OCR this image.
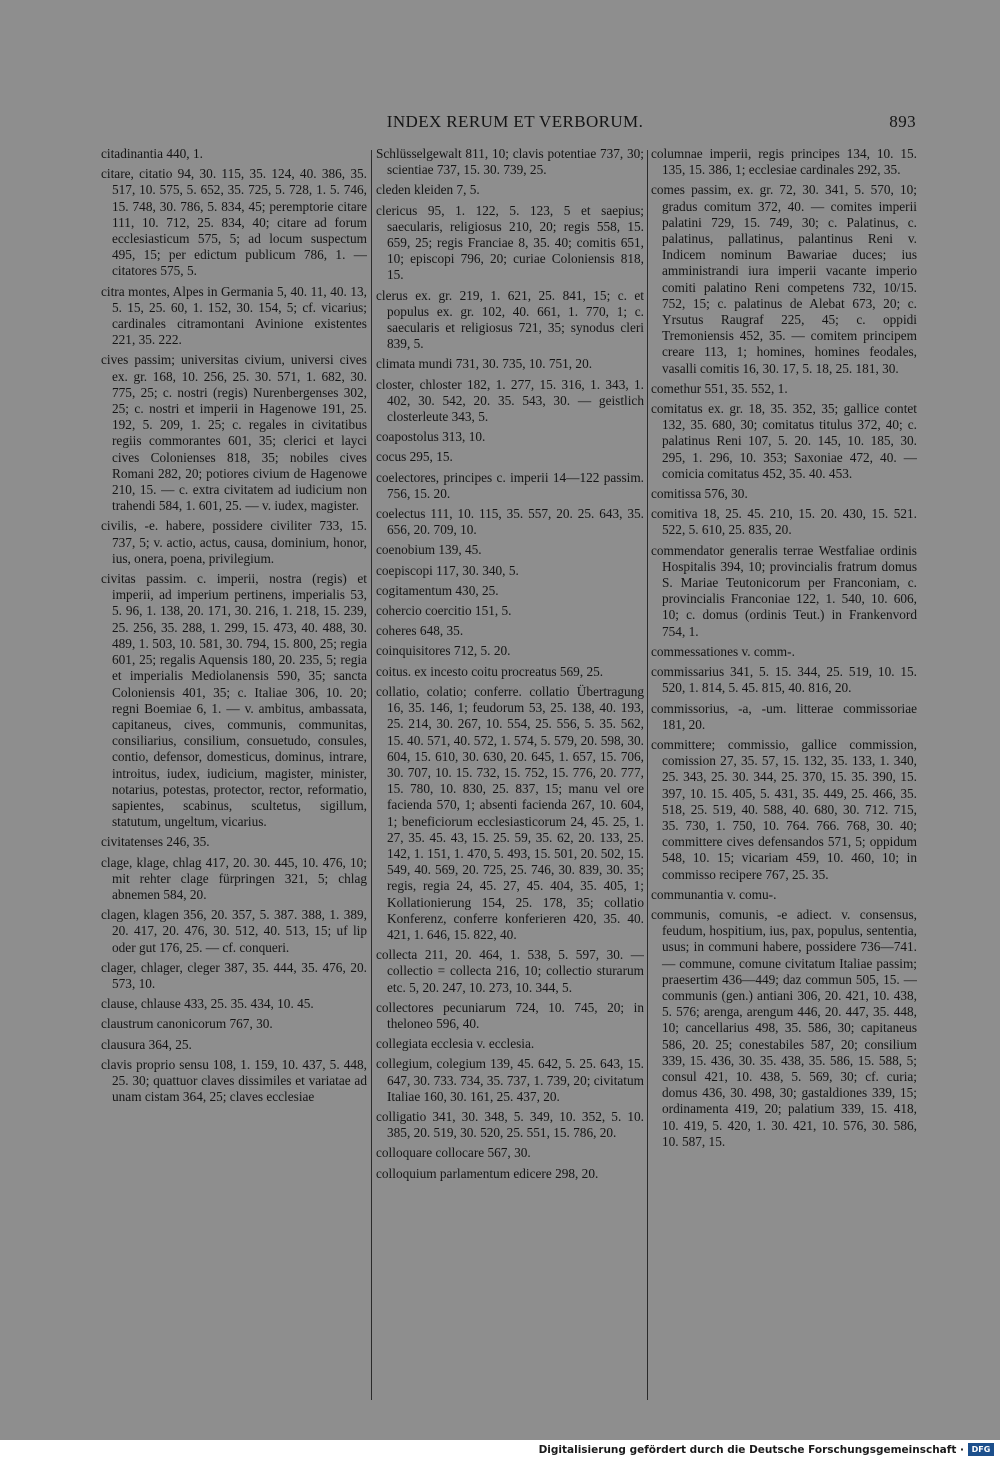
INDEX RERUM ET VERBORUM.	893

citadinantia 440, 1.

citare, citatio 94, 30. 115, 35. 124, 40. 386, 35. 517, 10. 575, 5. 652, 35. 725, 5. 728, 1. 5. 746, 15. 748, 30. 786, 5. 834, 45; peremptorie citare 111, 10. 712, 25. 834, 40; citare ad forum ecclesiasticum 575, 5; ad locum suspectum 495, 15; per edictum publicum 786, 1. — citatores 575, 5.

citra montes, Alpes in Germania 5, 40. 11, 40. 13, 5. 15, 25. 60, 1. 152, 30. 154, 5; cf. vicarius; cardinales citramontani Avinione existentes 221, 35. 222.

cives passim; universitas civium, universi cives ex. gr. 168, 10. 256, 25. 30. 571, 1. 682, 30. 775, 25; c. nostri (regis) Nurenbergenses 302, 25; c. nostri et imperii in Hagenowe 191, 25. 192, 5. 209, 1. 25; c. regales in civitatibus regiis commorantes 601, 35; clerici et layci cives Colonienses 818, 35; nobiles cives Romani 282, 20; potiores civium de Hagenowe 210, 15. — c. extra civitatem ad iudicium non trahendi 584, 1. 601, 25. — v. iudex, magister.

civilis, -e. habere, possidere civiliter 733, 15. 737, 5; v. actio, actus, causa, dominium, honor, ius, onera, poena, privilegium.

civitas passim. c. imperii, nostra (regis) et imperii, ad imperium pertinens, imperialis 53, 5. 96, 1. 138, 20. 171, 30. 216, 1. 218, 15. 239, 25. 256, 35. 288, 1. 299, 15. 473, 40. 488, 30. 489, 1. 503, 10. 581, 30. 794, 15. 800, 25; regia 601, 25; regalis Aquensis 180, 20. 235, 5; regia et imperialis Mediolanensis 590, 35; sancta Coloniensis 401, 35; c. Italiae 306, 10. 20; regni Boemiae 6, 1. — v. ambitus, ambassata, capitaneus, cives, communis, communitas, consiliarius, consilium, consuetudo, consules, contio, defensor, domesticus, dominus, intrare, introitus, iudex, iudicium, magister, minister, notarius, potestas, protector, rector, reformatio, sapientes, scabinus, scultetus, sigillum, statutum, ungeltum, vicarius.

civitatenses 246, 35.

clage, klage, chlag 417, 20. 30. 445, 10. 476, 10; mit rehter clage fürpringen 321, 5; chlag abnemen 584, 20.

clagen, klagen 356, 20. 357, 5. 387. 388, 1. 389, 20. 417, 20. 476, 30. 512, 40. 513, 15; uf lip oder gut 176, 25. — cf. conqueri.

clager, chlager, cleger 387, 35. 444, 35. 476, 20. 573, 10.

clause, chlause 433, 25. 35. 434, 10. 45.

claustrum canonicorum 767, 30.

clausura 364, 25.

clavis proprio sensu 108, 1. 159, 10. 437, 5. 448, 25. 30; quattuor claves dissimiles et variatae ad unam cistam 364, 25; claves ecclesiae

Schlüsselgewalt 811, 10; clavis potentiae 737, 30; scientiae 737, 15. 30. 739, 25.

cleden kleiden 7, 5.

clericus 95, 1. 122, 5. 123, 5 et saepius; saecularis, religiosus 210, 20; regis 558, 15. 659, 25; regis Franciae 8, 35. 40; comitis 651, 10; episcopi 796, 20; curiae Coloniensis 818, 15.

clerus ex. gr. 219, 1. 621, 25. 841, 15; c. et populus ex. gr. 102, 40. 661, 1. 770, 1; c. saecularis et religiosus 721, 35; synodus cleri 839, 5.

climata mundi 731, 30. 735, 10. 751, 20.

closter, chloster 182, 1. 277, 15. 316, 1. 343, 1. 402, 30. 542, 20. 35. 543, 30. — geistlich closterleute 343, 5.

coapostolus 313, 10.

cocus 295, 15.

coelectores, principes c. imperii 14—122 passim. 756, 15. 20.

coelectus 111, 10. 115, 35. 557, 20. 25. 643, 35. 656, 20. 709, 10.

coenobium 139, 45.

coepiscopi 117, 30. 340, 5.

cogitamentum 430, 25.

cohercio coercitio 151, 5.

coheres 648, 35.

coinquisitores 712, 5. 20.

coitus. ex incesto coitu procreatus 569, 25.

collatio, colatio; conferre. collatio Übertragung 16, 35. 146, 1; feudorum 53, 25. 138, 40. 193, 25. 214, 30. 267, 10. 554, 25. 556, 5. 35. 562, 15. 40. 571, 40. 572, 1. 574, 5. 579, 20. 598, 30. 604, 15. 610, 30. 630, 20. 645, 1. 657, 15. 706, 30. 707, 10. 15. 732, 15. 752, 15. 776, 20. 777, 15. 780, 10. 830, 25. 837, 15; manu vel ore facienda 570, 1; absenti facienda 267, 10. 604, 1; beneficiorum ecclesiasticorum 24, 45. 25, 1. 27, 35. 45. 43, 15. 25. 59, 35. 62, 20. 133, 25. 142, 1. 151, 1. 470, 5. 493, 15. 501, 20. 502, 15. 549, 40. 569, 20. 725, 25. 746, 30. 839, 30. 35; regis, regia 24, 45. 27, 45. 404, 35. 405, 1; Kollationierung 154, 25. 178, 35; collatio Konferenz, conferre konferieren 420, 35. 40. 421, 1. 646, 15. 822, 40.

collecta 211, 20. 464, 1. 538, 5. 597, 30. — collectio = collecta 216, 10; collectio sturarum etc. 5, 20. 247, 10. 273, 10. 344, 5.

collectores pecuniarum 724, 10. 745, 20; in theloneo 596, 40.

collegiata ecclesia v. ecclesia.

collegium, colegium 139, 45. 642, 5. 25. 643, 15. 647, 30. 733. 734, 35. 737, 1. 739, 20; civitatum Italiae 160, 30. 161, 25. 437, 20.

colligatio 341, 30. 348, 5. 349, 10. 352, 5. 10. 385, 20. 519, 30. 520, 25. 551, 15. 786, 20.

colloquare collocare 567, 30.

colloquium parlamentum edicere 298, 20.

columnae imperii, regis principes 134, 10. 15. 135, 15. 386, 1; ecclesiae cardinales 292, 35.

comes passim, ex. gr. 72, 30. 341, 5. 570, 10; gradus comitum 372, 40. — comites imperii palatini 729, 15. 749, 30; c. Palatinus, c. palatinus, pallatinus, palantinus Reni v. Indicem nominum Bawariae duces; ius amministrandi iura imperii vacante imperio comiti palatino Reni competens 732, 10/15. 752, 15; c. palatinus de Alebat 673, 20; c. Yrsutus Raugraf 225, 45; c. oppidi Tremoniensis 452, 35. — comitem principem creare 113, 1; homines, homines feodales, vasalli comitis 16, 30. 17, 5. 18, 25. 181, 30.

comethur 551, 35. 552, 1.

comitatus ex. gr. 18, 35. 352, 35; gallice contet 132, 35. 680, 30; comitatus titulus 372, 40; c. palatinus Reni 107, 5. 20. 145, 10. 185, 30. 295, 1. 296, 10. 353; Saxoniae 472, 40. — comicia comitatus 452, 35. 40. 453.

comitissa 576, 30.

comitiva 18, 25. 45. 210, 15. 20. 430, 15. 521. 522, 5. 610, 25. 835, 20.

commendator generalis terrae Westfaliae ordinis Hospitalis 394, 10; provincialis fratrum domus S. Mariae Teutonicorum per Franconiam, c. provincialis Franconiae 122, 1. 540, 10. 606, 10; c. domus (ordinis Teut.) in Frankenvord 754, 1.

commessationes v. comm-.

commissarius 341, 5. 15. 344, 25. 519, 10. 15. 520, 1. 814, 5. 45. 815, 40. 816, 20.

commissorius, -a, -um. litterae commissoriae 181, 20.

committere; commissio, gallice commission, comission 27, 35. 57, 15. 132, 35. 133, 1. 340, 25. 343, 25. 30. 344, 25. 370, 15. 35. 390, 15. 397, 10. 15. 405, 5. 431, 35. 449, 25. 466, 35. 518, 25. 519, 40. 588, 40. 680, 30. 712. 715, 35. 730, 1. 750, 10. 764. 766. 768, 30. 40; committere cives defensandos 571, 5; oppidum 548, 10. 15; vicariam 459, 10. 460, 10; in commisso recipere 767, 25. 35.

communantia v. comu-.

communis, comunis, -e adiect. v. consensus, feudum, hospitium, ius, pax, populus, sententia, usus; in communi habere, possidere 736—741. — commune, comune civitatum Italiae passim; praesertim 436—449; daz commun 505, 15. — communis (gen.) antiani 306, 20. 421, 10. 438, 5. 576; arenga, arengum 446, 20. 447, 35. 448, 10; cancellarius 498, 35. 586, 30; capitaneus 586, 20. 25; conestabiles 587, 20; consilium 339, 15. 436, 30. 35. 438, 35. 586, 15. 588, 5; consul 421, 10. 438, 5. 569, 30; cf. curia; domus 436, 30. 498, 30; gastaldiones 339, 15; ordinamenta 419, 20; palatium 339, 15. 418, 10. 419, 5. 420, 1. 30. 421, 10. 576, 30. 586, 10. 587, 15.

Digitalisierung gefördert durch die Deutsche Forschungsgemeinschaft · DFG
